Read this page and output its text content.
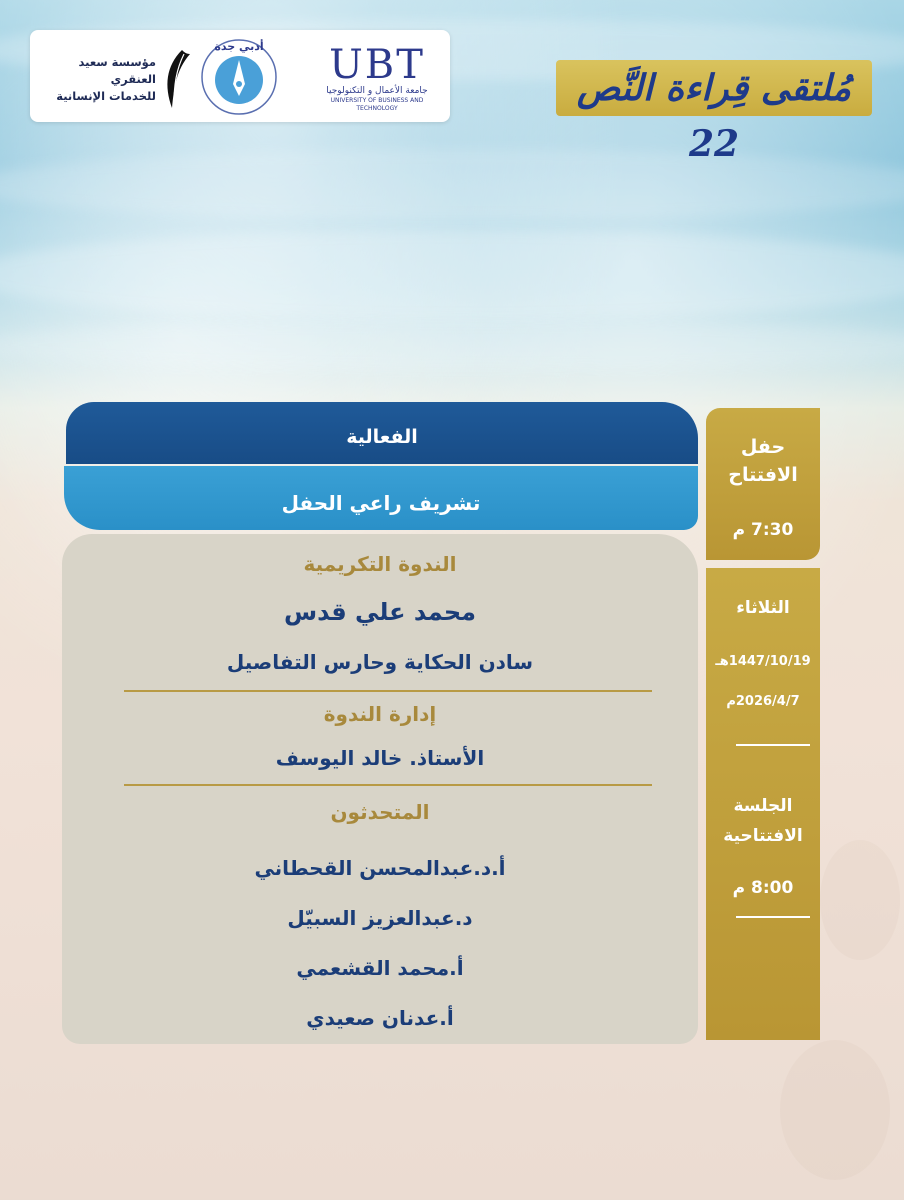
UBT
جامعة الأعمال و التكنولوجيا
UNIVERSITY OF BUSINESS AND TECHNOLOGY
أدبي جدة
مؤسسة سعيد العنقري
للخدمات الإنسانية	مُلتقى قِراءة النَّص 22
حفل
الافتتاح
7:30 م
الثلاثاء
1447/10/19هـ
2026/4/7م
الجلسة
الافتتاحية
8:00 م
الفعالية
تشريف راعي الحفل
الندوة التكريمية
محمد علي قدس
سادن الحكاية وحارس التفاصيل
إدارة الندوة
الأستاذ. خالد اليوسف
المتحدثون
أ.د.عبدالمحسن القحطاني
د.عبدالعزيز السبيّل
أ.محمد القشعمي
أ.عدنان صعيدي
